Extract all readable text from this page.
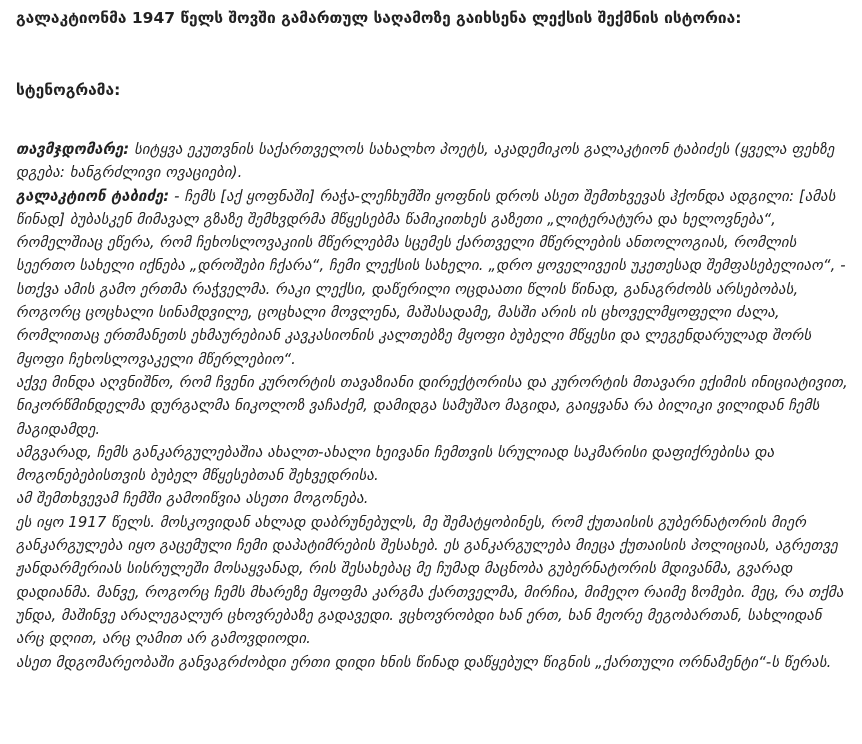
გალაკტიონმა 1947 წელს შოვში გამართულ საღამოზე გაიხსენა ლექსის შექმნის ისტორია:
სტენოგრამა:

თავმჯდომარე: სიტყვა ეკუთვნის საქართველოს სახალხო პოეტს, აკადემიკოს გალაკტიონ ტაბიძეს (ყველა ფეხზე დგება: ხანგრძლივი ოვაციები).

გალაკტიონ ტაბიძე: - ჩემს [აქ ყოფნაში] რაჭა-ლეჩხუმში ყოფნის დროს ასეთ შემთხვევას ჰქონდა ადგილი: [ამას წინად] ბუბასკენ მიმავალ გზაზე შემხვდრმა მწყესებმა წამიკითხეს გაზეთი „ლიტერატურა და ხელოვნება“, რომელშიაც ეწერა, რომ ჩეხოსლოვაკიის მწერლებმა სცემეს ქართველი მწერლების ანთოლოგიას, რომლის სეერთო სახელი იქნება „დროშები ჩქარა“, ჩემი ლექსის სახელი. „დრო ყოველივეის უკეთესად შემფასებელიაო“, - სთქვა ამის გამო ერთმა რაჭველმა. რაკი ლექსი, დაწერილი ოცდაათი წლის წინად, განაგრძობს არსებობას, როგორც ცოცხალი სინამდვილე, ცოცხალი მოვლენა, მაშასადამე, მასში არის ის ცხოველმყოფელი ძალა, რომლითაც ერთმანეთს ეხმაურებიან კავკასიონის კალთებზე მყოფი ბუბელი მწყესი და ლეგენდარულად შორს მყოფი ჩეხოსლოვაკელი მწერლებიო“.

აქვე მინდა აღვნიშნო, რომ ჩვენი კურორტის თავაზიანი დირექტორისა და კურორტის მთავარი ექიმის ინიციატივით, ნიკორწმინდელმა დურგალმა ნიკოლოზ ვაჩაძემ, დამიდგა სამუშაო მაგიდა, გაიყვანა რა ბილიკი ვილიდან ჩემს მაგიდამდე.

ამგვარად, ჩემს განკარგულებაშია ახალთ-ახალი ხეივანი ჩემთვის სრულიად საკმარისი დაფიქრებისა და მოგონებებისთვის ბუბელ მწყესებთან შეხვედრისა.

ამ შემთხვევამ ჩემში გამოიწვია ასეთი მოგონება.

ეს იყო 1917 წელს. მოსკოვიდან ახლად დაბრუნებულს, მე შემატყობინეს, რომ ქუთაისის გუბერნატორის მიერ განკარგულება იყო გაცემული ჩემი დაპატიმრების შესახებ. ეს განკარგულება მიეცა ქუთაისის პოლიციას, აგრეთვე ჟანდარმერიას სისრულეში მოსაყვანად, რის შესახებაც მე ჩუმად მაცნობა გუბერნატორის მდივანმა, გვარად დადიანმა. მანვე, როგორც ჩემს მხარეზე მყოფმა კარგმა ქართველმა, მირჩია, მიმეღო რაიმე ზომები. მეც, რა თქმა უნდა, მაშინვე არალეგალურ ცხოვრებაზე გადავედი. ვცხოვრობდი ხან ერთ, ხან მეორე მეგობართან, სახლიდან არც დღით, არც ღამით არ გამოვდიოდი.

ასეთ მდგომარეობაში განვაგრძობდი ერთი დიდი ხნის წინად დაწყებულ წიგნის „ქართული ორნამენტი“-ს წერას.
